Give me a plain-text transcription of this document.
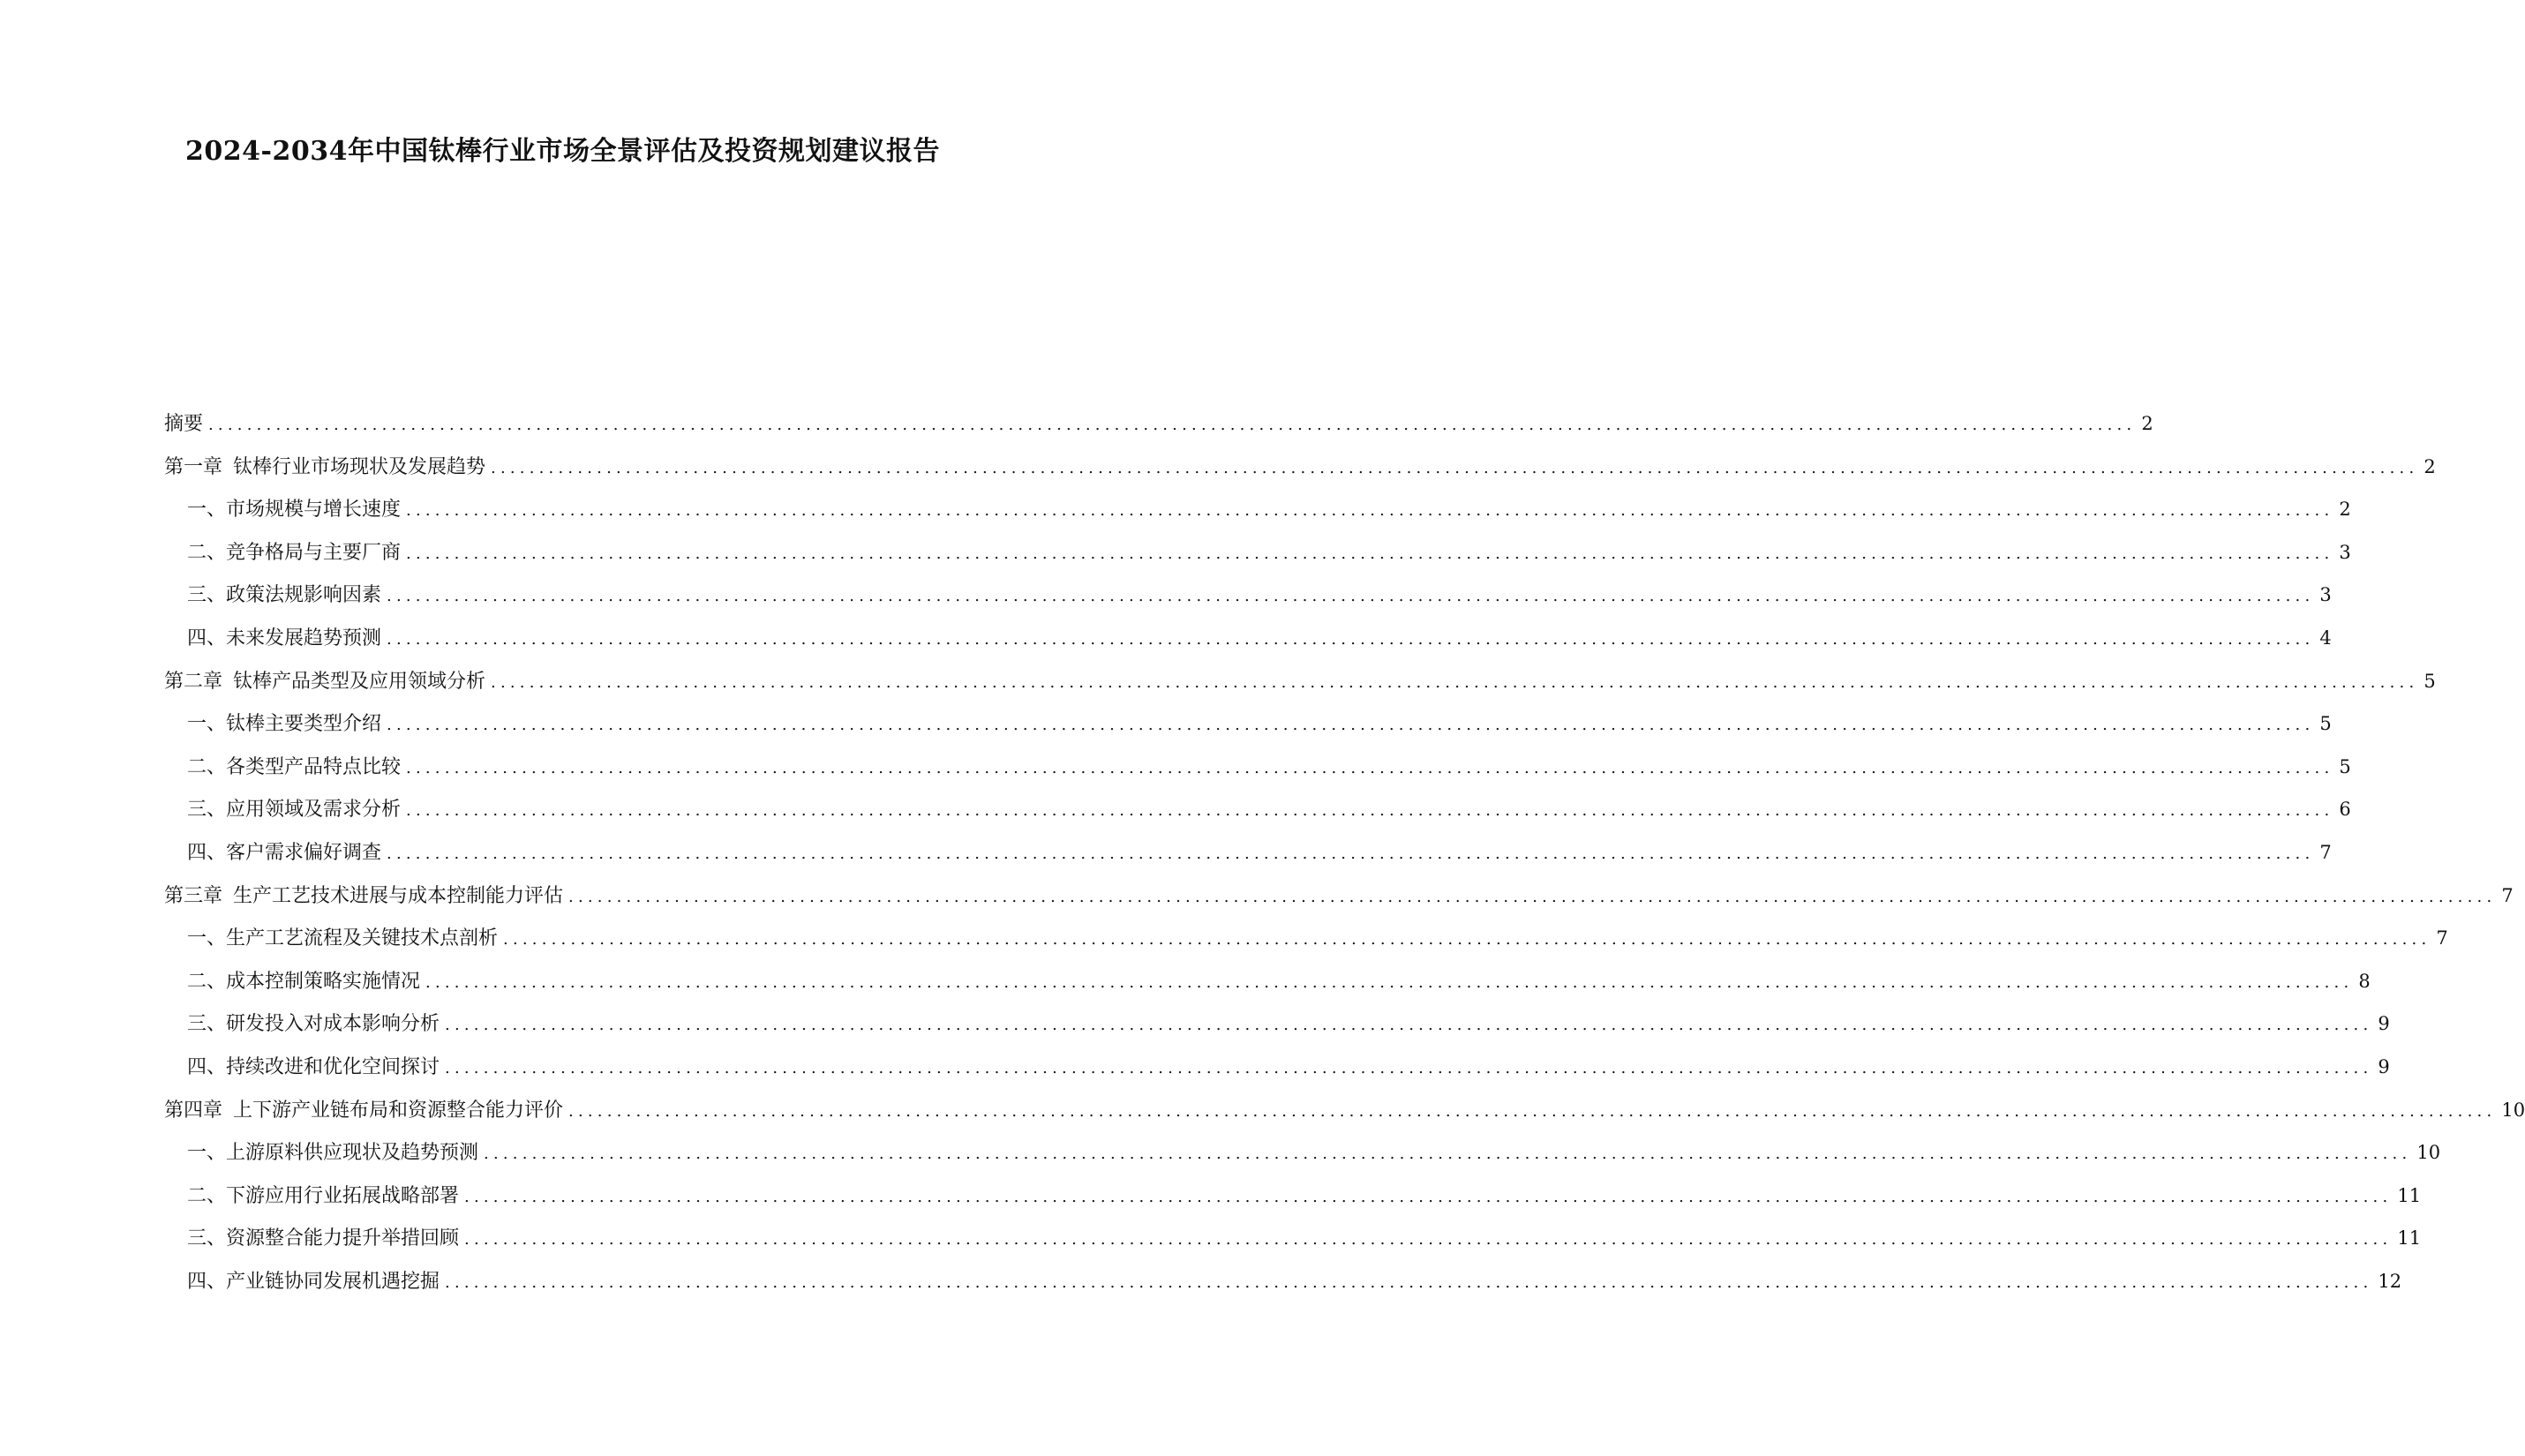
2024-2034年中国钛棒行业市场全景评估及投资规划建议报告
摘要 ........................................................................................................................................................................................................ 2
第一章 钛棒行业市场现状及发展趋势 ........................................................................................................................................................................................................ 2
一、市场规模与增长速度 ........................................................................................................................................................................................................ 2
二、竞争格局与主要厂商 ........................................................................................................................................................................................................ 3
三、政策法规影响因素 ........................................................................................................................................................................................................ 3
四、未来发展趋势预测 ........................................................................................................................................................................................................ 4
第二章 钛棒产品类型及应用领域分析 ........................................................................................................................................................................................................ 5
一、钛棒主要类型介绍 ........................................................................................................................................................................................................ 5
二、各类型产品特点比较 ........................................................................................................................................................................................................ 5
三、应用领域及需求分析 ........................................................................................................................................................................................................ 6
四、客户需求偏好调查 ........................................................................................................................................................................................................ 7
第三章 生产工艺技术进展与成本控制能力评估 ........................................................................................................................................................................................................ 7
一、生产工艺流程及关键技术点剖析 ........................................................................................................................................................................................................ 7
二、成本控制策略实施情况 ........................................................................................................................................................................................................ 8
三、研发投入对成本影响分析 ........................................................................................................................................................................................................ 9
四、持续改进和优化空间探讨 ........................................................................................................................................................................................................ 9
第四章 上下游产业链布局和资源整合能力评价 ........................................................................................................................................................................................................ 10
一、上游原料供应现状及趋势预测 ........................................................................................................................................................................................................ 10
二、下游应用行业拓展战略部署 ........................................................................................................................................................................................................ 11
三、资源整合能力提升举措回顾 ........................................................................................................................................................................................................ 11
四、产业链协同发展机遇挖掘 ........................................................................................................................................................................................................ 12
